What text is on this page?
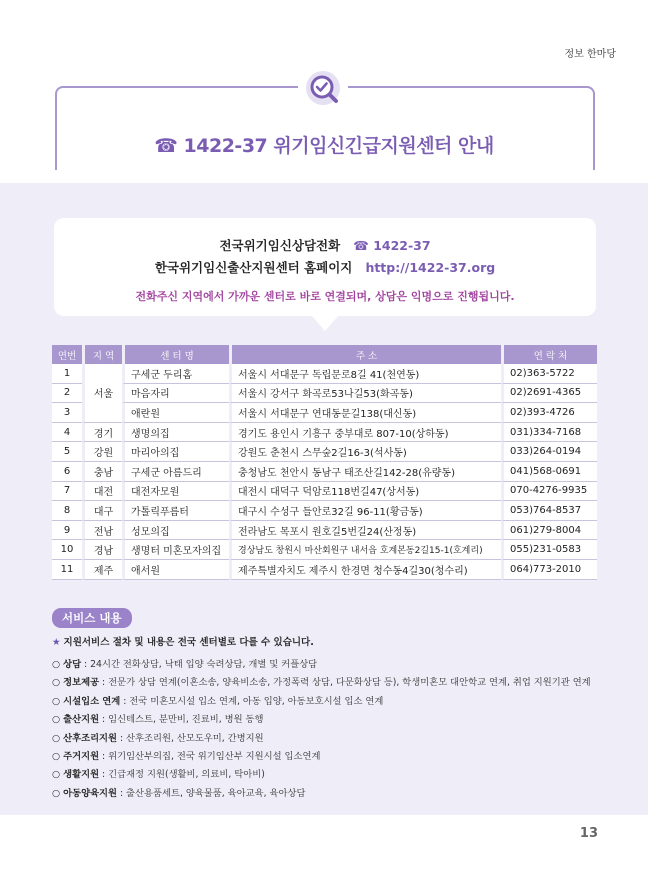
정보 한마당
☎ 1422-37 위기임신긴급지원센터 안내
전국위기임신상담전화 ☎ 1422-37
한국위기임신출산지원센터 홈페이지 http://1422-37.org
전화주신 지역에서 가까운 센터로 바로 연결되며, 상담은 익명으로 진행됩니다.
연번	지 역	센 터 명	주 소	연 락 처
1	서울	구세군 두리홈	서울시 서대문구 독립문로8길 41(천연동)	02)363-5722
2		마음자리	서울시 강서구 화곡로53나길53(화곡동)	02)2691-4365
3		애란원	서울시 서대문구 연대동문길138(대신동)	02)393-4726
4	경기	생명의집	경기도 용인시 기흥구 중부대로 807-10(상하동)	031)334-7168
5	강원	마리아의집	강원도 춘천시 스무숲2길16-3(석사동)	033)264-0194
6	충남	구세군 아름드리	충청남도 천안시 동남구 태조산길142-28(유량동)	041)568-0691
7	대전	대전자모원	대전시 대덕구 덕암로118번길47(상서동)	070-4276-9935
8	대구	가톨릭푸름터	대구시 수성구 들안로32길 96-11(황금동)	053)764-8537
9	전남	성모의집	전라남도 목포시 원호길5번길24(산정동)	061)279-8004
10	경남	생명터 미혼모자의집	경상남도 창원시 마산회원구 내서읍 호계본동2길15-1(호계리)	055)231-0583
11	제주	애서원	제주특별자치도 제주시 한경면 청수동4길30(청수리)	064)773-2010
서비스 내용
★ 지원서비스 절차 및 내용은 전국 센터별로 다를 수 있습니다.
○ 상담 : 24시간 전화상담, 낙태 입양 숙려상담, 개별 및 커플상담
○ 정보제공 : 전문가 상담 연계(이혼소송, 양육비소송, 가정폭력 상담, 다문화상담 등), 학생미혼모 대안학교 연계, 취업 지원기관 연계
○ 시설입소 연계 : 전국 미혼모시설 입소 연계, 아동 입양, 아동보호시설 입소 연계
○ 출산지원 : 임신테스트, 분만비, 진료비, 병원 동행
○ 산후조리지원 : 산후조리원, 산모도우미, 간병지원
○ 주거지원 : 위기임산부의집, 전국 위기임산부 지원시설 입소연계
○ 생활지원 : 긴급재정 지원(생활비, 의료비, 탁아비)
○ 아동양육지원 : 출산용품세트, 양육물품, 육아교육, 육아상담
13
